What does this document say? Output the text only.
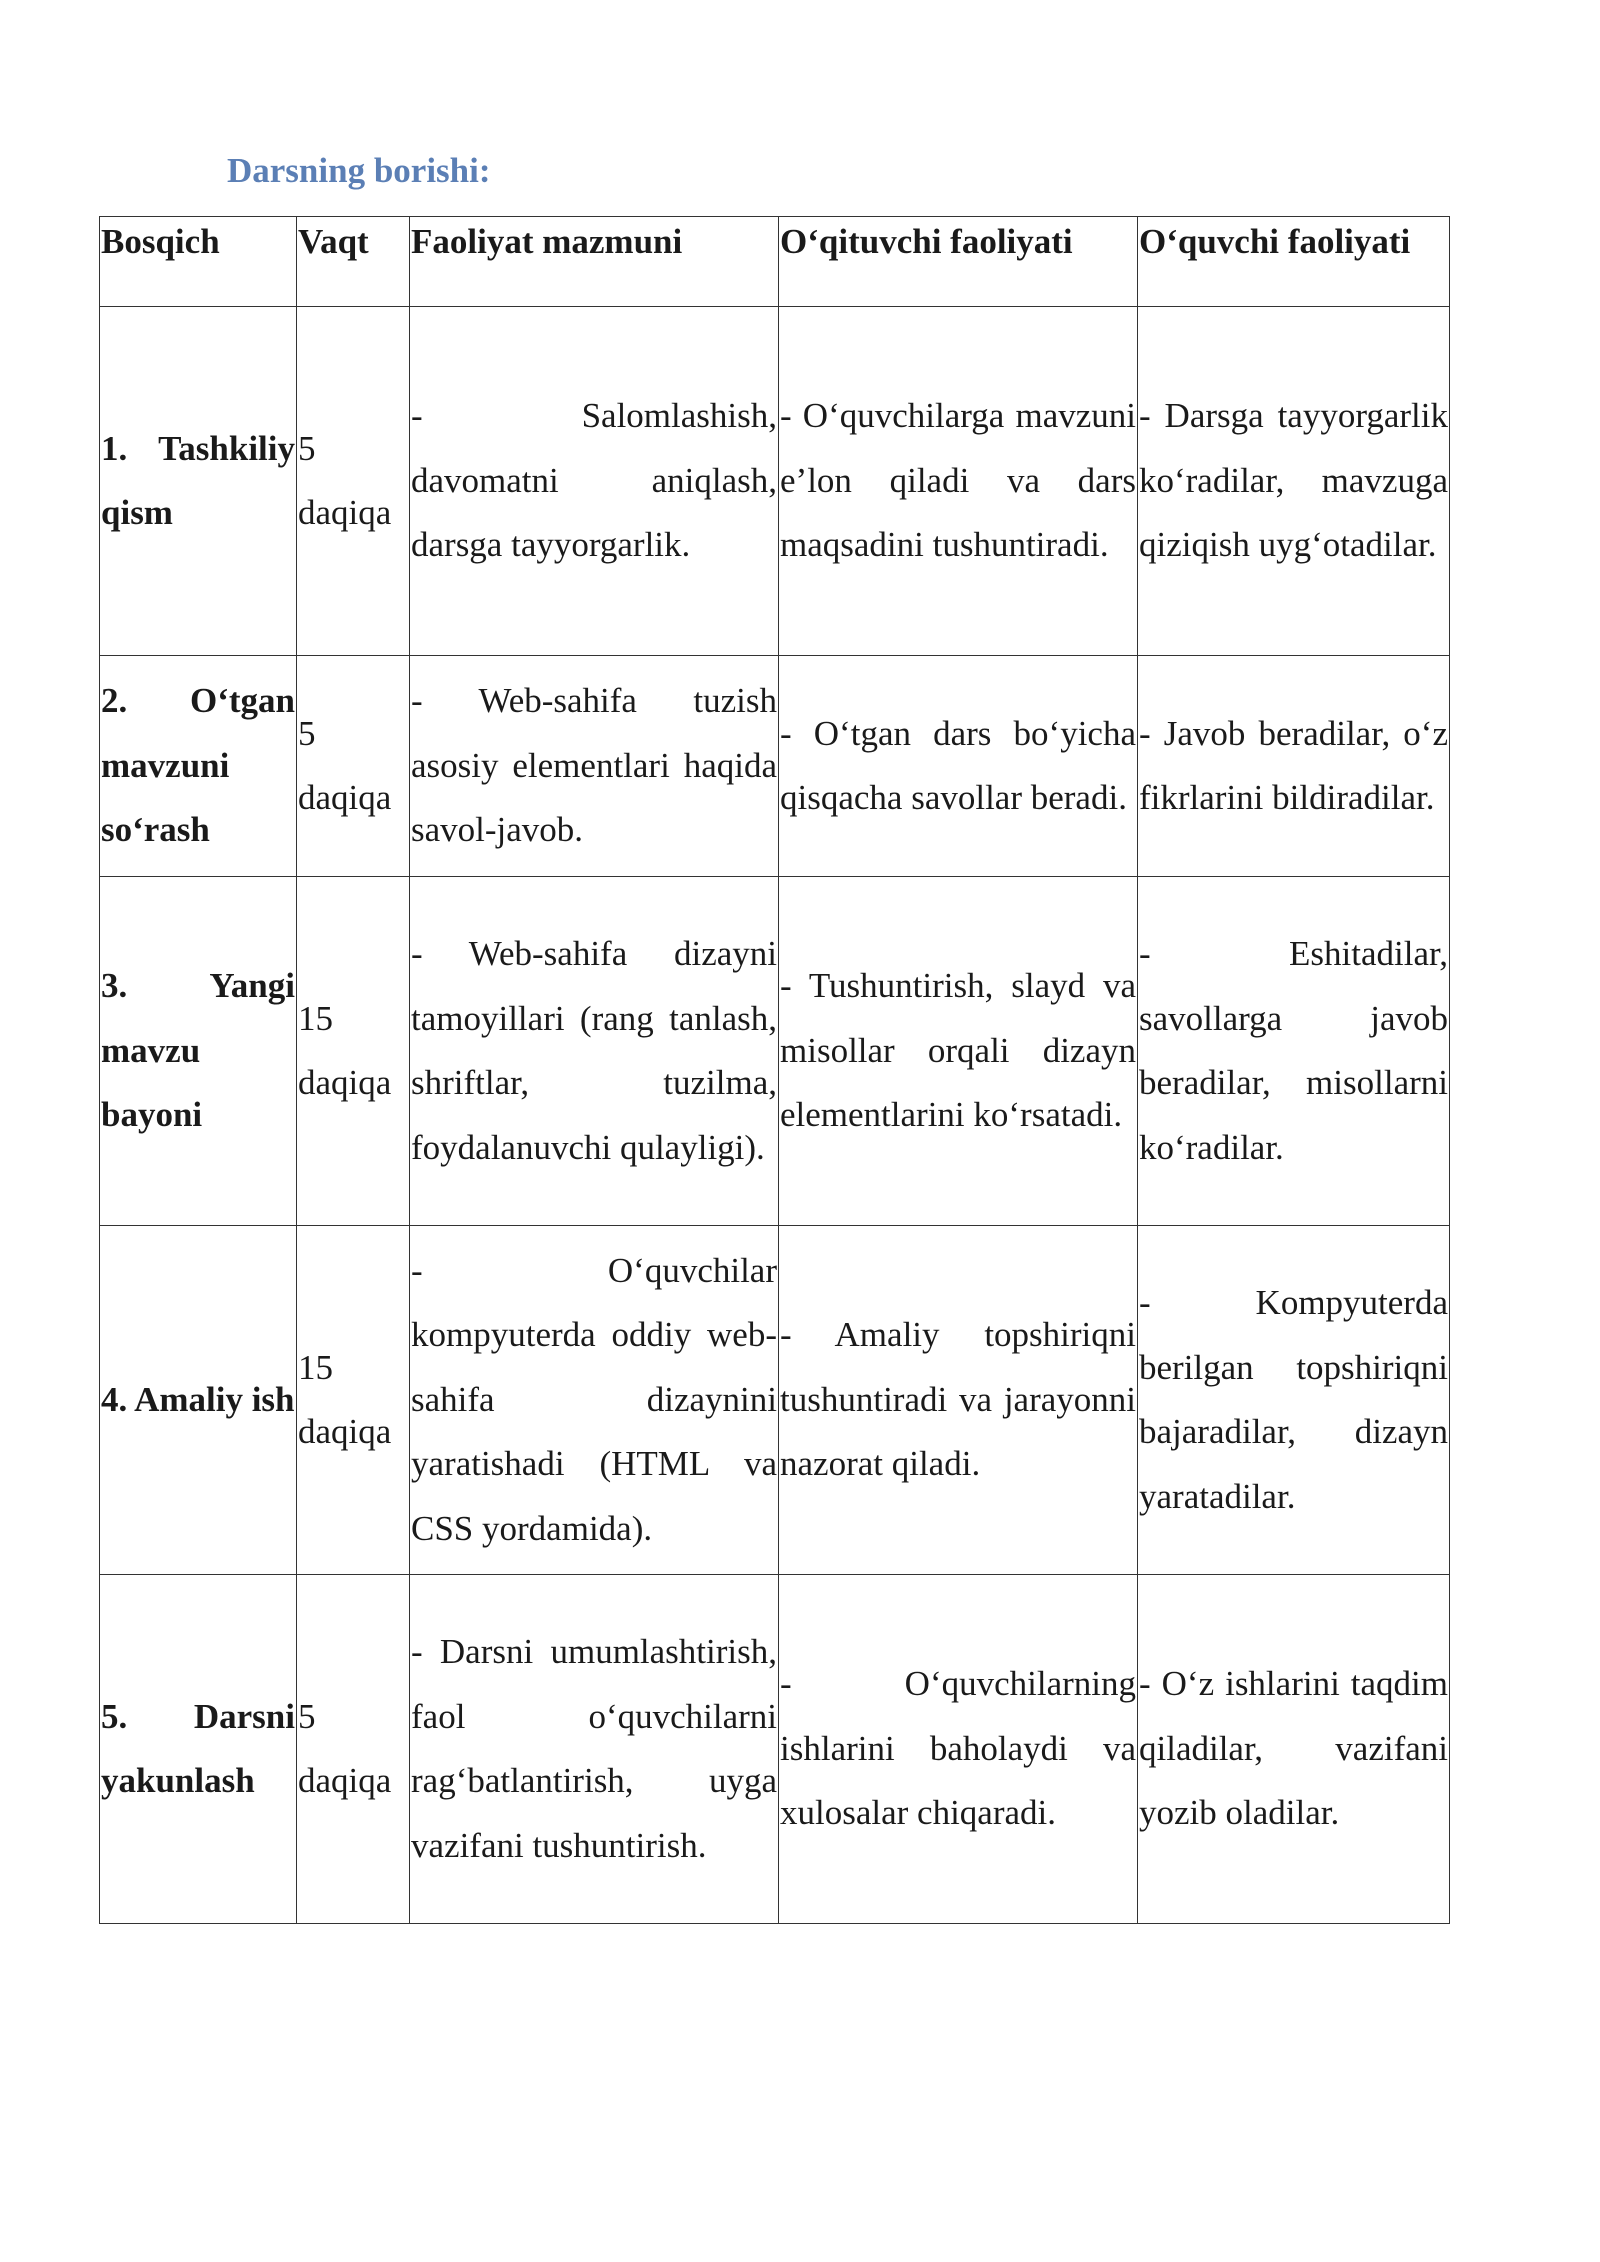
Darsning borishi:
Bosqich	Vaqt	Faoliyat mazmuni	O‘qituvchi faoliyati	O‘quvchi faoliyati
1. Tashkiliy qism	5 daqiqa	- Salomlashish, davomatni aniqlash, darsga tayyorgarlik.	- O‘quvchilarga mavzuni e’lon qiladi va dars maqsadini tushuntiradi.	- Darsga tayyorgarlik ko‘radilar, mavzuga qiziqish uyg‘otadilar.
2. O‘tgan mavzuni so‘rash	5 daqiqa	- Web-sahifa tuzish asosiy elementlari haqida savol-javob.	- O‘tgan dars bo‘yicha qisqacha savollar beradi.	- Javob beradilar, o‘z fikrlarini bildiradilar.
3. Yangi mavzu bayoni	15 daqiqa	- Web-sahifa dizayni tamoyillari (rang tanlash, shriftlar, tuzilma, foydalanuvchi qulayligi).	- Tushuntirish, slayd va misollar orqali dizayn elementlarini ko‘rsatadi.	- Eshitadilar, savollarga javob beradilar, misollarni ko‘radilar.
4. Amaliy ish	15 daqiqa	- O‘quvchilar kompyuterda oddiy web-sahifa dizaynini yaratishadi (HTML va CSS yordamida).	- Amaliy topshiriqni tushuntiradi va jarayonni nazorat qiladi.	- Kompyuterda berilgan topshiriqni bajaradilar, dizayn yaratadilar.
5. Darsni yakunlash	5 daqiqa	- Darsni umumlashtirish, faol o‘quvchilarni rag‘batlantirish, uyga vazifani tushuntirish.	- O‘quvchilarning ishlarini baholaydi va xulosalar chiqaradi.	- O‘z ishlarini taqdim qiladilar, vazifani yozib oladilar.
